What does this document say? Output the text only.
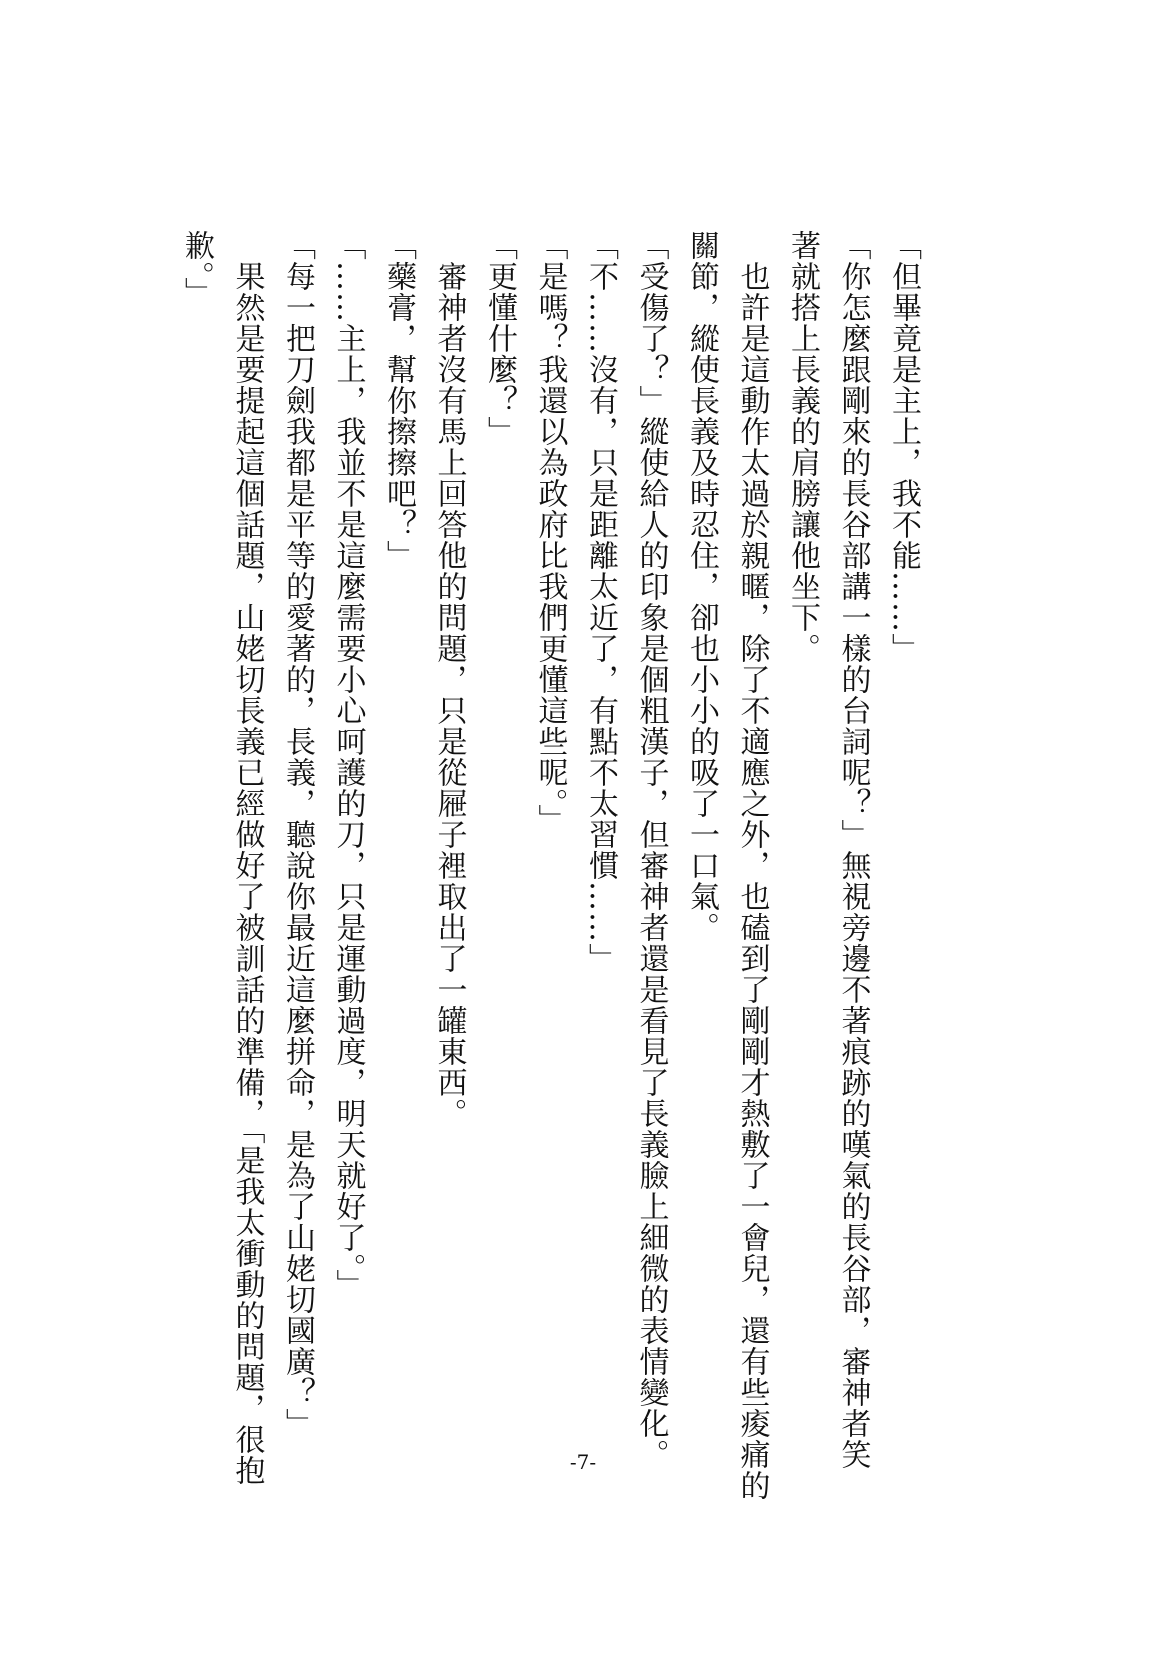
「但畢竟是主上，我不能……」
「你怎麼跟剛來的長谷部講一樣的台詞呢？」無視旁邊不著痕跡的嘆氣的長谷部，審神者笑
著就搭上長義的肩膀讓他坐下。
　也許是這動作太過於親暱，除了不適應之外，也磕到了剛剛才熱敷了一會兒，還有些痠痛的
關節，縱使長義及時忍住，卻也小小的吸了一口氣。
「受傷了？」縱使給人的印象是個粗漢子，但審神者還是看見了長義臉上細微的表情變化。
「不……沒有，只是距離太近了，有點不太習慣……」
「是嗎？我還以為政府比我們更懂這些呢。」
「更懂什麼？」
　審神者沒有馬上回答他的問題，只是從屜子裡取出了一罐東西。
「藥膏，幫你擦擦吧？」
「……主上，我並不是這麼需要小心呵護的刀，只是運動過度，明天就好了。」
「每一把刀劍我都是平等的愛著的，長義，聽說你最近這麼拼命，是為了山姥切國廣？」
　果然是要提起這個話題，山姥切長義已經做好了被訓話的準備，「是我太衝動的問題，很抱
歉。」
-7-
